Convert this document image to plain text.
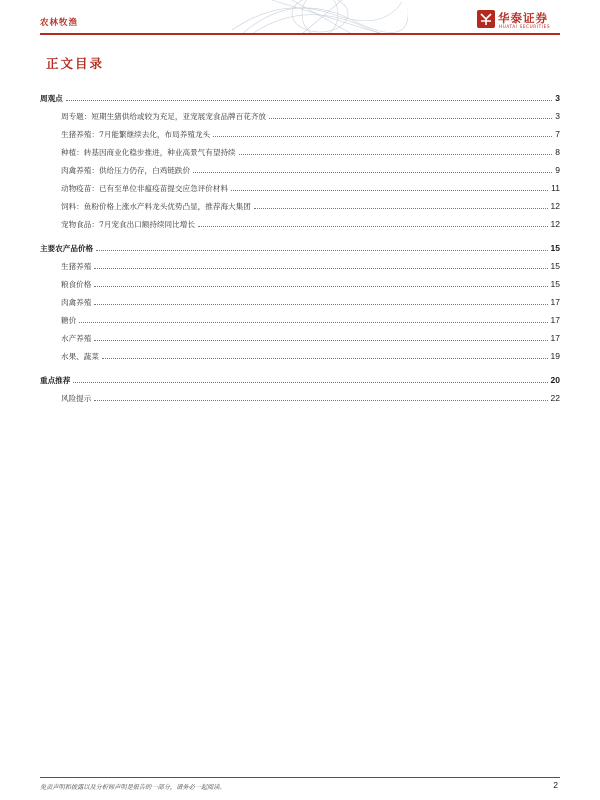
农林牧渔	华泰证券
HUATAI SECURITIES
正文目录
周观点	3
周专题：短期生猪供给或较为充足，亚宠展宠食品牌百花齐放	3
生猪养殖：7月能繁继续去化，布局养殖龙头	7
种植：转基因商业化稳步推进，种业高景气有望持续	8
肉禽养殖：供给压力仍存，白鸡链跌价	9
动物疫苗：已有至单位非瘟疫苗提交应急评价材料	11
饲料：鱼粉价格上涨水产料龙头优势凸显，推荐海大集团	12
宠物食品：7月宠食出口额持续同比增长	12
主要农产品价格	15
生猪养殖	15
粮食价格	15
肉禽养殖	17
糖价	17
水产养殖	17
水果、蔬菜	19
重点推荐	20
风险提示	22
免责声明和披露以及分析师声明是报告的一部分，请务必一起阅读。	2
